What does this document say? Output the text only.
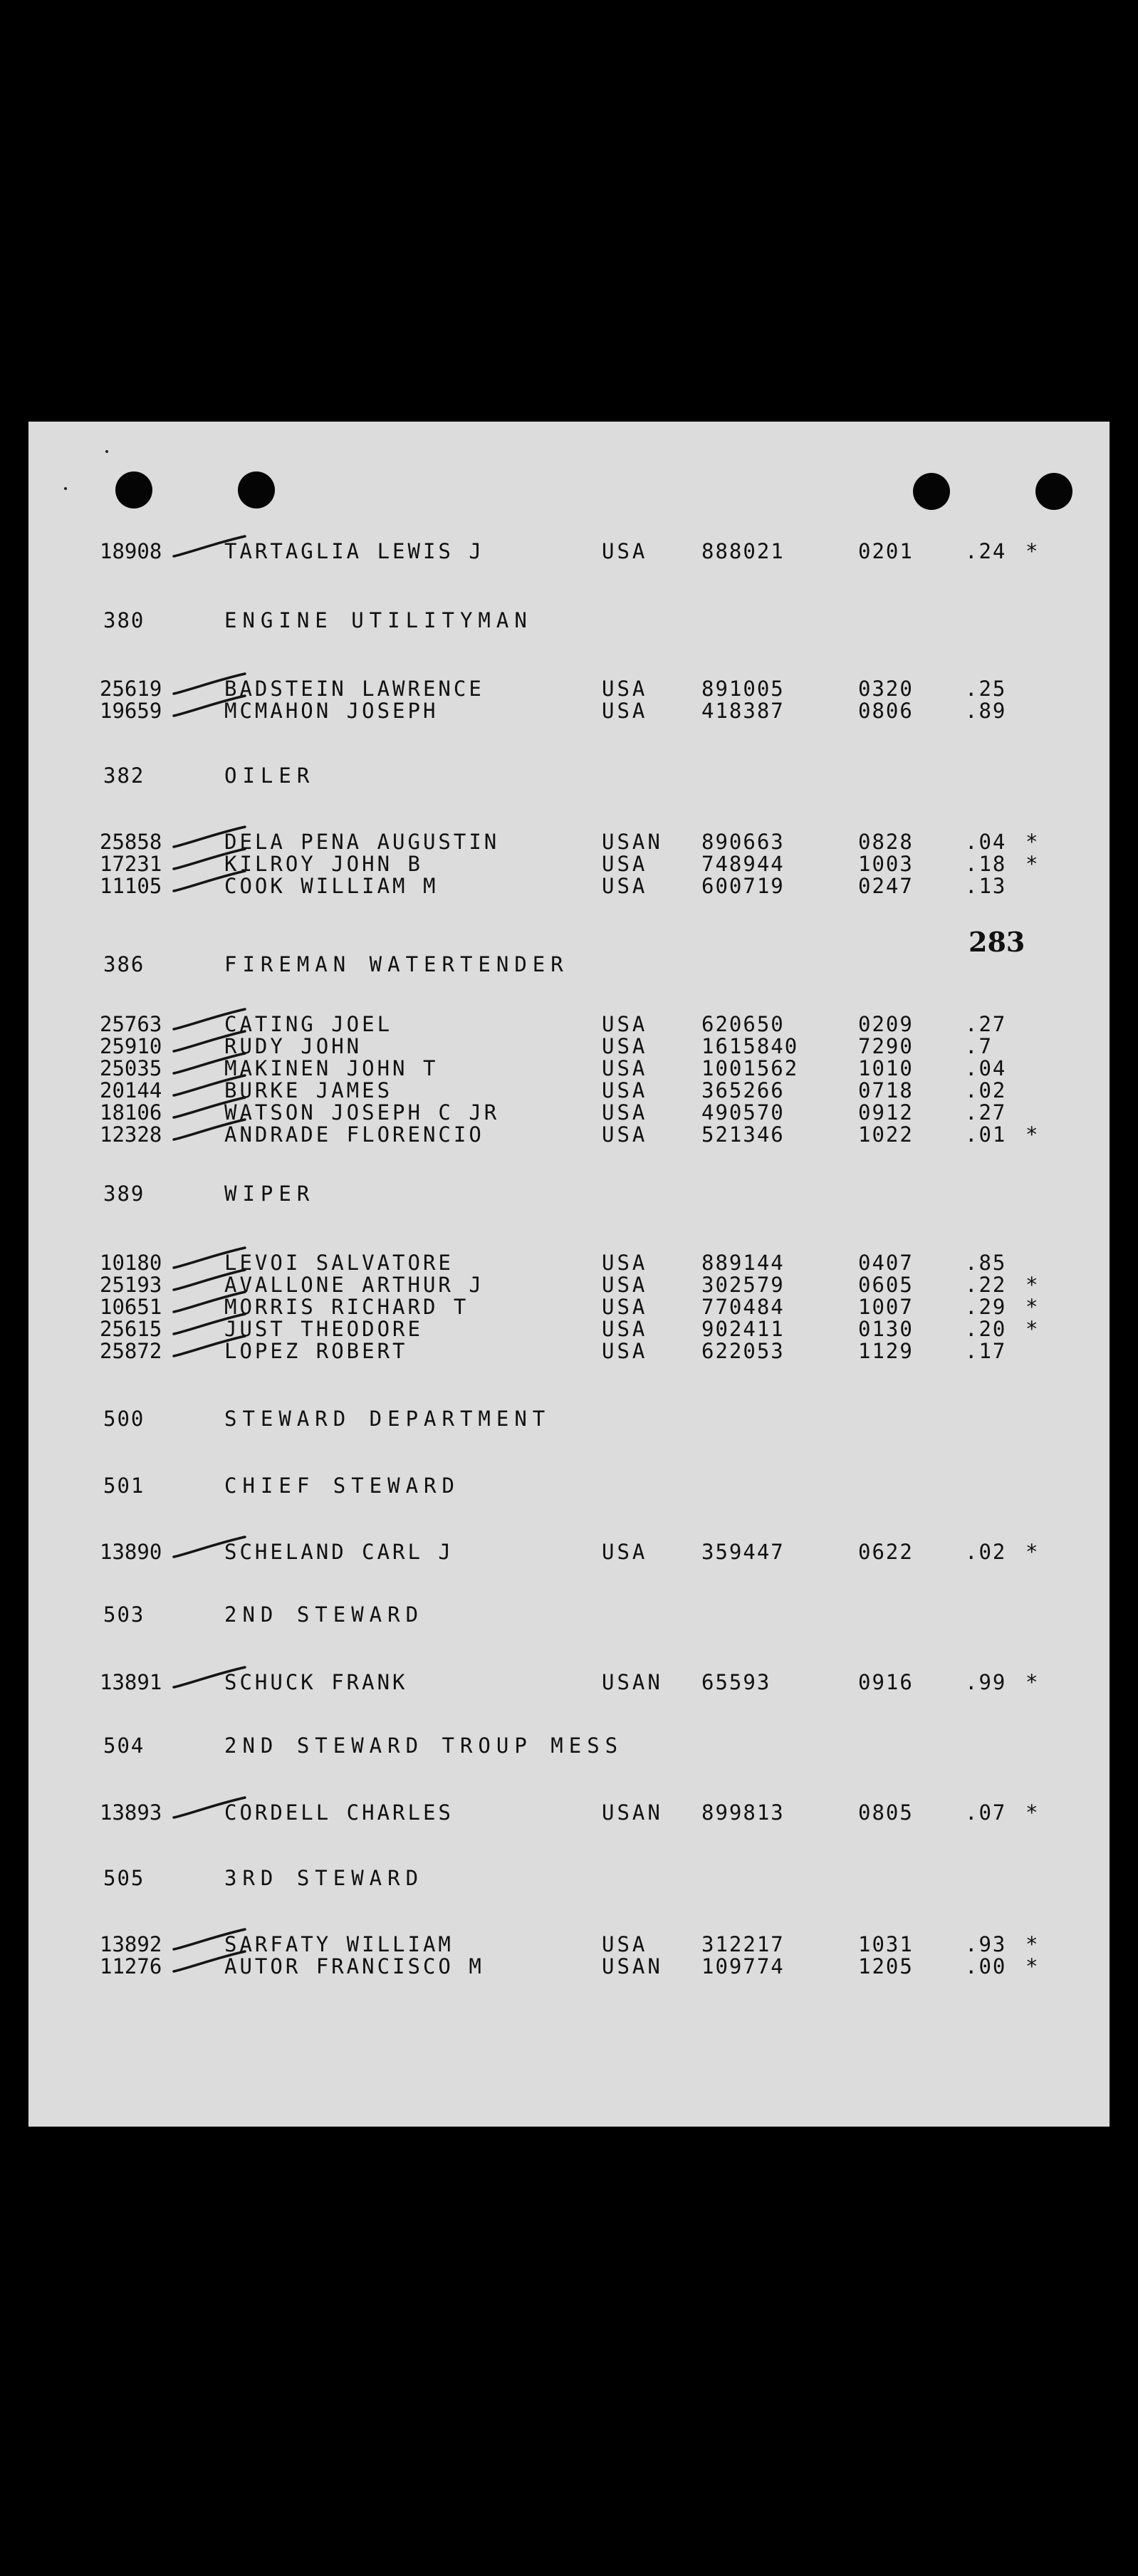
283
18908	TARTAGLIA LEWIS J	USA	888021	0201 .24 *
380	ENGINE UTILITYMAN
25619	BADSTEIN LAWRENCE	USA	891005	0320 .25
19659	MCMAHON JOSEPH	USA	418387	0806 .89
382	OILER
25858	DELA PENA AUGUSTIN	USAN 890663	0828 .04 *
17231	KILROY JOHN B	USA	748944	1003 .18 *
11105	COOK WILLIAM M	USA	600719	0247 .13
386	FIREMAN WATERTENDER
25763	CATING JOEL	USA	620650	0209 .27
25910	RUDY JOHN	USA	1615840	7290 .7
25035	MAKINEN JOHN T	USA	1001562	1010 .04
20144	BURKE JAMES	USA	365266	0718 .02
18106	WATSON JOSEPH C JR	USA	490570	0912 .27
12328	ANDRADE FLORENCIO	USA	521346	1022 .01 *
389	WIPER
10180	LEVOI SALVATORE	USA	889144	0407 .85
25193	AVALLONE ARTHUR J	USA	302579	0605 .22 *
10651	MORRIS RICHARD T	USA	770484	1007 .29 *
25615	JUST THEODORE	USA	902411	0130 .20 *
25872	LOPEZ ROBERT	USA	622053	1129 .17
500	STEWARD DEPARTMENT
501	CHIEF STEWARD
13890	SCHELAND CARL J	USA	359447	0622 .02 *
503	2ND STEWARD
13891	SCHUCK FRANK	USAN 65593	0916 .99 *
504	2ND STEWARD TROUP MESS
13893	CORDELL CHARLES	USAN 899813	0805 .07 *
505	3RD STEWARD
13892	SARFATY WILLIAM	USA	312217	1031 .93 *
11276	AUTOR FRANCISCO M	USAN 109774	1205 .00 *
